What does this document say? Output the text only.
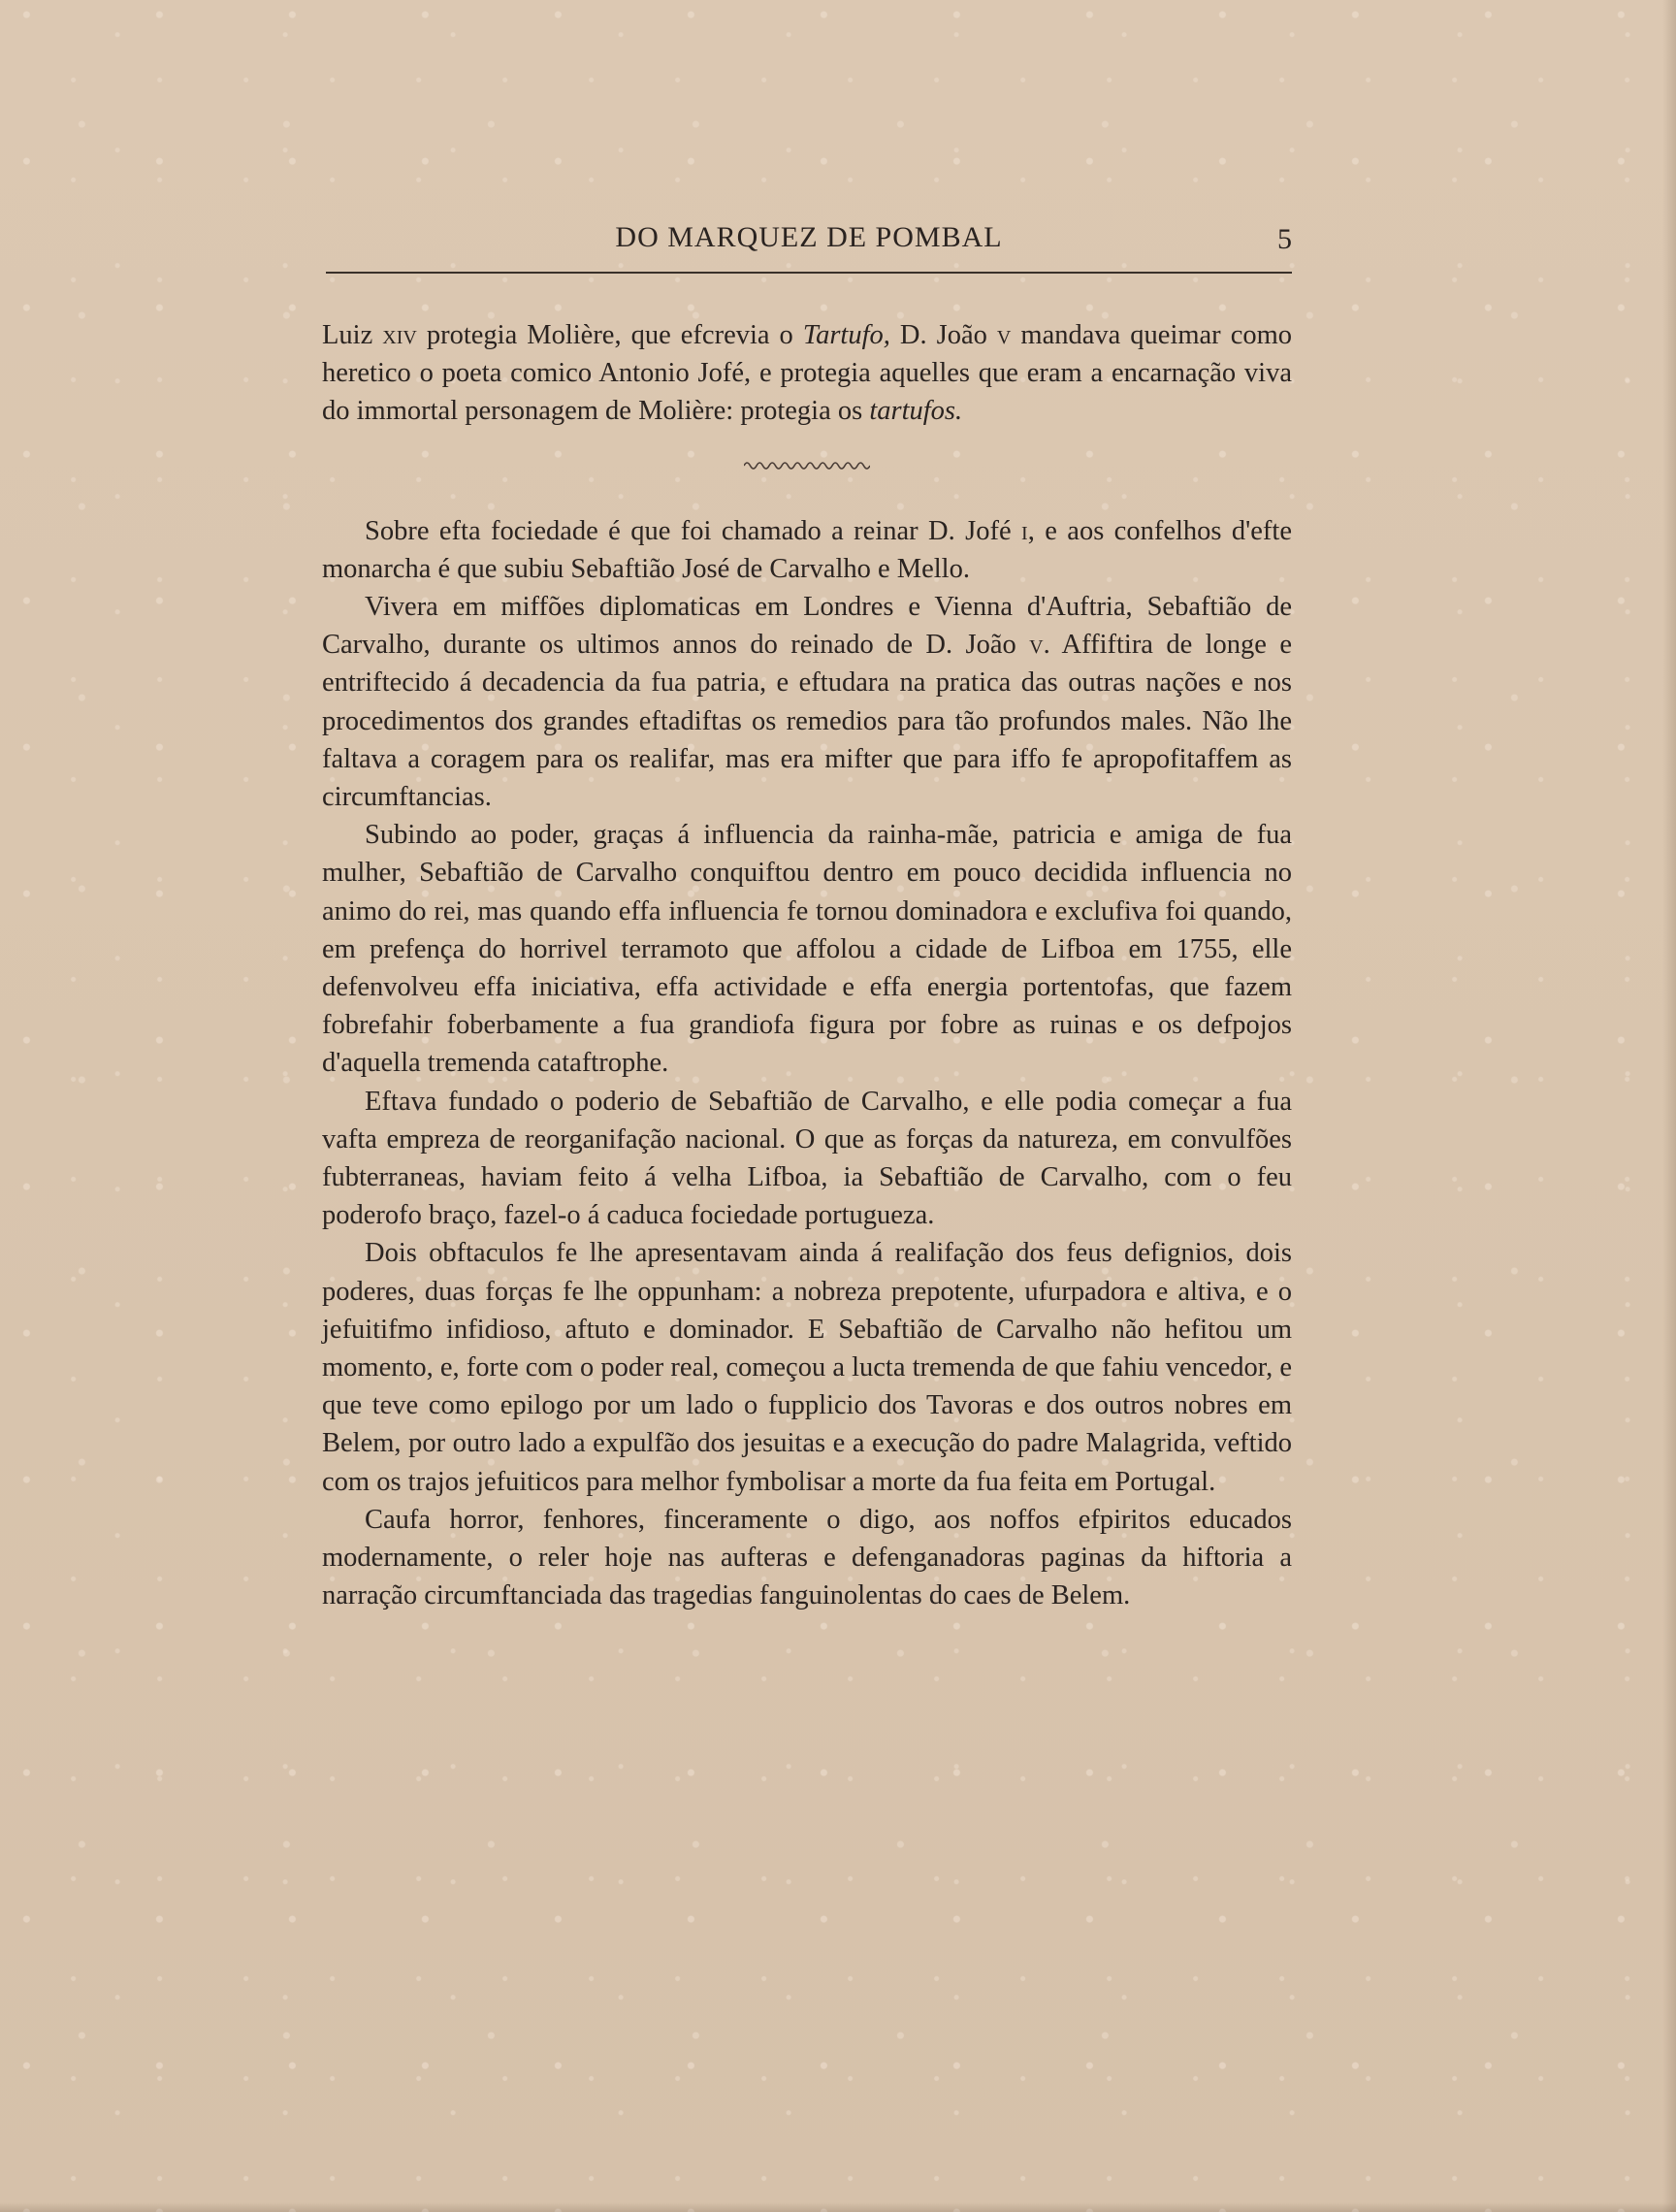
DO MARQUEZ DE POMBAL	5

Luiz xiv protegia Molière, que efcrevia o Tartufo, D. João v mandava queimar como heretico o poeta comico Antonio Jofé, e protegia aquelles que eram a encarnação viva do immortal personagem de Molière: protegia os tartufos.

Sobre efta fociedade é que foi chamado a reinar D. Jofé i, e aos confelhos d'efte monarcha é que subiu Sebaftião José de Carvalho e Mello.

Vivera em miffões diplomaticas em Londres e Vienna d'Auftria, Sebaftião de Carvalho, durante os ultimos annos do reinado de D. João v. Affiftira de longe e entriftecido á decadencia da fua patria, e eftudara na pratica das outras nações e nos procedimentos dos grandes eftadiftas os remedios para tão profundos males. Não lhe faltava a coragem para os realifar, mas era mifter que para iffo fe apropofitaffem as circumftancias.

Subindo ao poder, graças á influencia da rainha-mãe, patricia e amiga de fua mulher, Sebaftião de Carvalho conquiftou dentro em pouco decidida influencia no animo do rei, mas quando effa influencia fe tornou dominadora e exclufiva foi quando, em prefença do horrivel terramoto que affolou a cidade de Lifboa em 1755, elle defenvolveu effa iniciativa, effa actividade e effa energia portentofas, que fazem fobrefahir foberbamente a fua grandiofa figura por fobre as ruinas e os defpojos d'aquella tremenda cataftrophe.

Eftava fundado o poderio de Sebaftião de Carvalho, e elle podia começar a fua vafta empreza de reorganifação nacional. O que as forças da natureza, em convulfões fubterraneas, haviam feito á velha Lifboa, ia Sebaftião de Carvalho, com o feu poderofo braço, fazel-o á caduca fociedade portugueza.

Dois obftaculos fe lhe apresentavam ainda á realifação dos feus defignios, dois poderes, duas forças fe lhe oppunham: a nobreza prepotente, ufurpadora e altiva, e o jefuitifmo infidioso, aftuto e dominador. E Sebaftião de Carvalho não hefitou um momento, e, forte com o poder real, começou a lucta tremenda de que fahiu vencedor, e que teve como epilogo por um lado o fupplicio dos Tavoras e dos outros nobres em Belem, por outro lado a expulfão dos jesuitas e a execução do padre Malagrida, veftido com os trajos jefuiticos para melhor fymbolisar a morte da fua feita em Portugal.

Caufa horror, fenhores, finceramente o digo, aos noffos efpiritos educados modernamente, o reler hoje nas aufteras e defenganadoras paginas da hiftoria a narração circumftanciada das tragedias fanguinolentas do caes de Belem.
